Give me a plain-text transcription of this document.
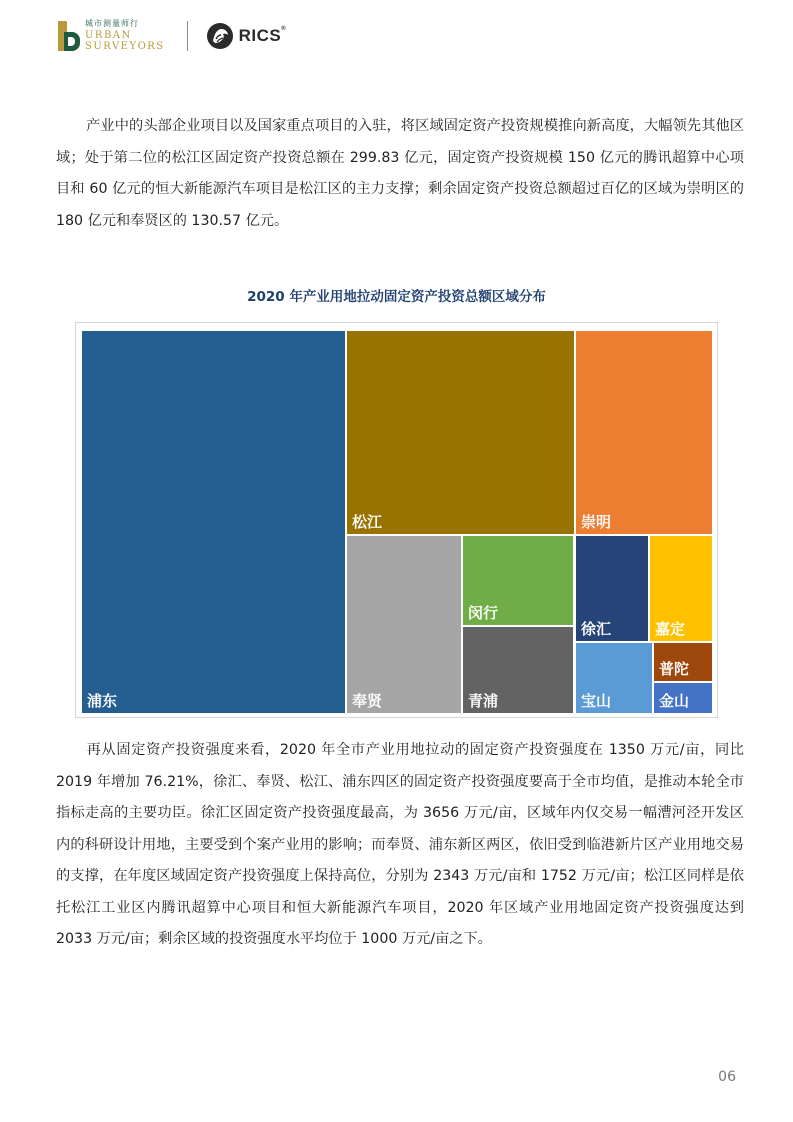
城市测量师行
URBAN
SURVEYORS
RICS®

产业中的头部企业项目以及国家重点项目的入驻，将区域固定资产投资规模推向新高度，大幅领先其他区域；处于第二位的松江区固定资产投资总额在 299.83 亿元，固定资产投资规模 150 亿元的腾讯超算中心项目和 60 亿元的恒大新能源汽车项目是松江区的主力支撑；剩余固定资产投资总额超过百亿的区域为崇明区的 180 亿元和奉贤区的 130.57 亿元。

2020 年产业用地拉动固定资产投资总额区域分布
浦东
松江	崇明
奉贤
闵行
青浦
徐汇	嘉定
普陀
宝山	金山

再从固定资产投资强度来看，2020 年全市产业用地拉动的固定资产投资强度在 1350 万元/亩，同比 2019 年增加 76.21%，徐汇、奉贤、松江、浦东四区的固定资产投资强度要高于全市均值，是推动本轮全市指标走高的主要功臣。徐汇区固定资产投资强度最高，为 3656 万元/亩，区域年内仅交易一幅漕河泾开发区内的科研设计用地，主要受到个案产业用的影响；而奉贤、浦东新区两区，依旧受到临港新片区产业用地交易的支撑，在年度区域固定资产投资强度上保持高位，分别为 2343 万元/亩和 1752 万元/亩；松江区同样是依托松江工业区内腾讯超算中心项目和恒大新能源汽车项目，2020 年区域产业用地固定资产投资强度达到 2033 万元/亩；剩余区域的投资强度水平均位于 1000 万元/亩之下。

06
